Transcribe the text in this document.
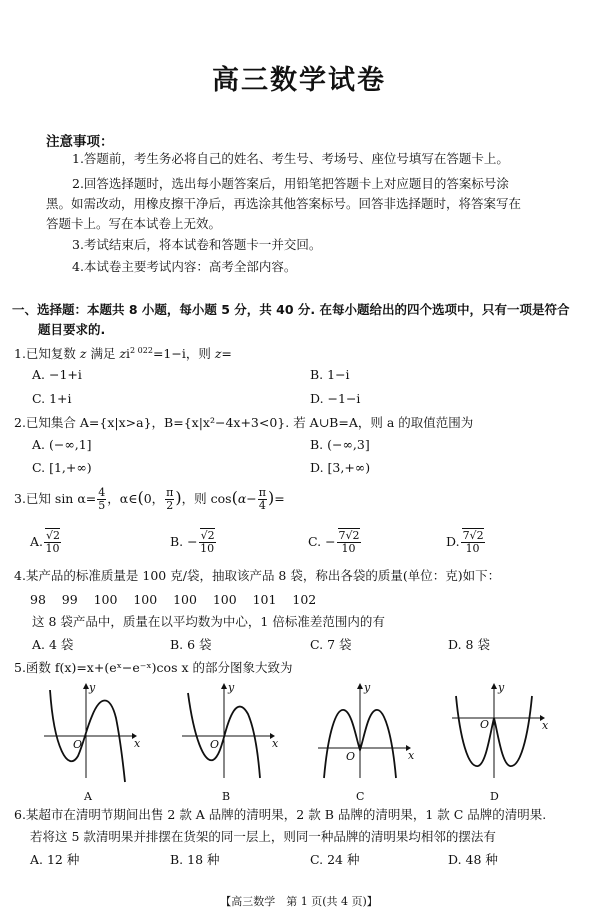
高三数学试卷
注意事项：
1.答题前，考生务必将自己的姓名、考生号、考场号、座位号填写在答题卡上。
2.回答选择题时，选出每小题答案后，用铅笔把答题卡上对应题目的答案标号涂
黑。如需改动，用橡皮擦干净后，再选涂其他答案标号。回答非选择题时，将答案写在
答题卡上。写在本试卷上无效。
3.考试结束后，将本试卷和答题卡一并交回。
4.本试卷主要考试内容：高考全部内容。
一、选择题：本题共 8 小题，每小题 5 分，共 40 分. 在每小题给出的四个选项中，只有一项是符合
题目要求的.
1.已知复数 z 满足 $zi^{2 022}=1-i$，则 z=
A. −1+i	B. 1−i
C. 1+i	D. −1−i
2.已知集合 A={x|x>a}，B={x|x²−4x+3<0}. 若 A∪B=A，则 a 的取值范围为
A. (−∞,1]	B. (−∞,3]
C. [1,+∞)	D. [3,+∞)
3.已知 $\sin \alpha= \frac{4}{5}$ ，α∈(0， $\frac{\pi}{2}$ )，则 $\cos(\alpha- \frac{\pi}{4}$ )=
A. $\frac{√2}{10}$	B. − $\frac{√2}{10}$	C. − $\frac{7√2}{10}$	D. $\frac{7√2}{10}$
4.某产品的标准质量是 100 克/袋，抽取该产品 8 袋，称出各袋的质量(单位：克)如下：
98    99    100    100    100    100    101    102
这 8 袋产品中，质量在以平均数为中心，1 倍标准差范围内的有
A. 4 袋	B. 6 袋	C. 7 袋	D. 8 袋
5.函数 f(x)=x+(eˣ−e⁻ˣ)cos x 的部分图象大致为
y
x
O
A
y
x
O
B
y
x
O
C
y
x
O
D
6.某超市在清明节期间出售 2 款 A 品牌的清明果，2 款 B 品牌的清明果，1 款 C 品牌的清明果.
若将这 5 款清明果并排摆在货架的同一层上，则同一种品牌的清明果均相邻的摆法有
A. 12 种	B. 18 种	C. 24 种	D. 48 种
【高三数学　第 1 页(共 4 页)】
